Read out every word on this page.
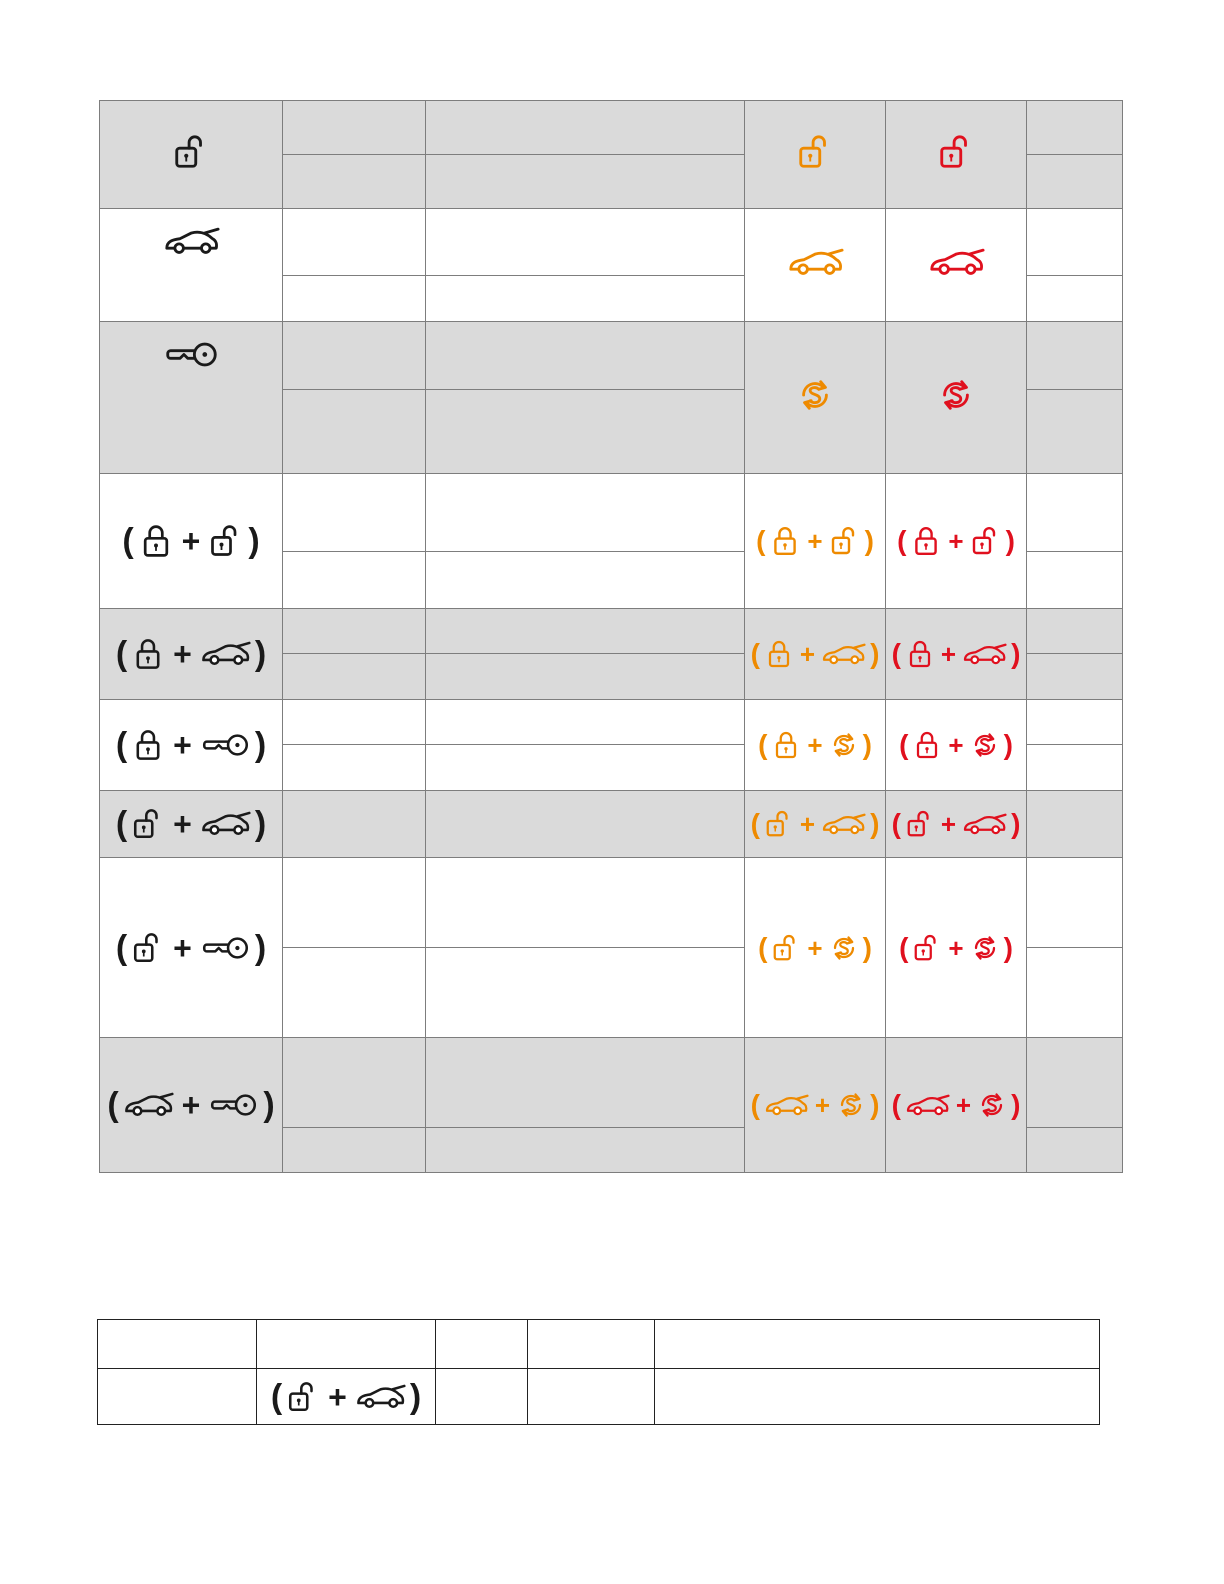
( + )			( + )	( + )	

( + )			( + )	( + )	

( + )			( + )	( + )	

( + )			( + )	( + )	

( + )			( + )	( + )	

( + )			( + )	( + )	

	( + )			
